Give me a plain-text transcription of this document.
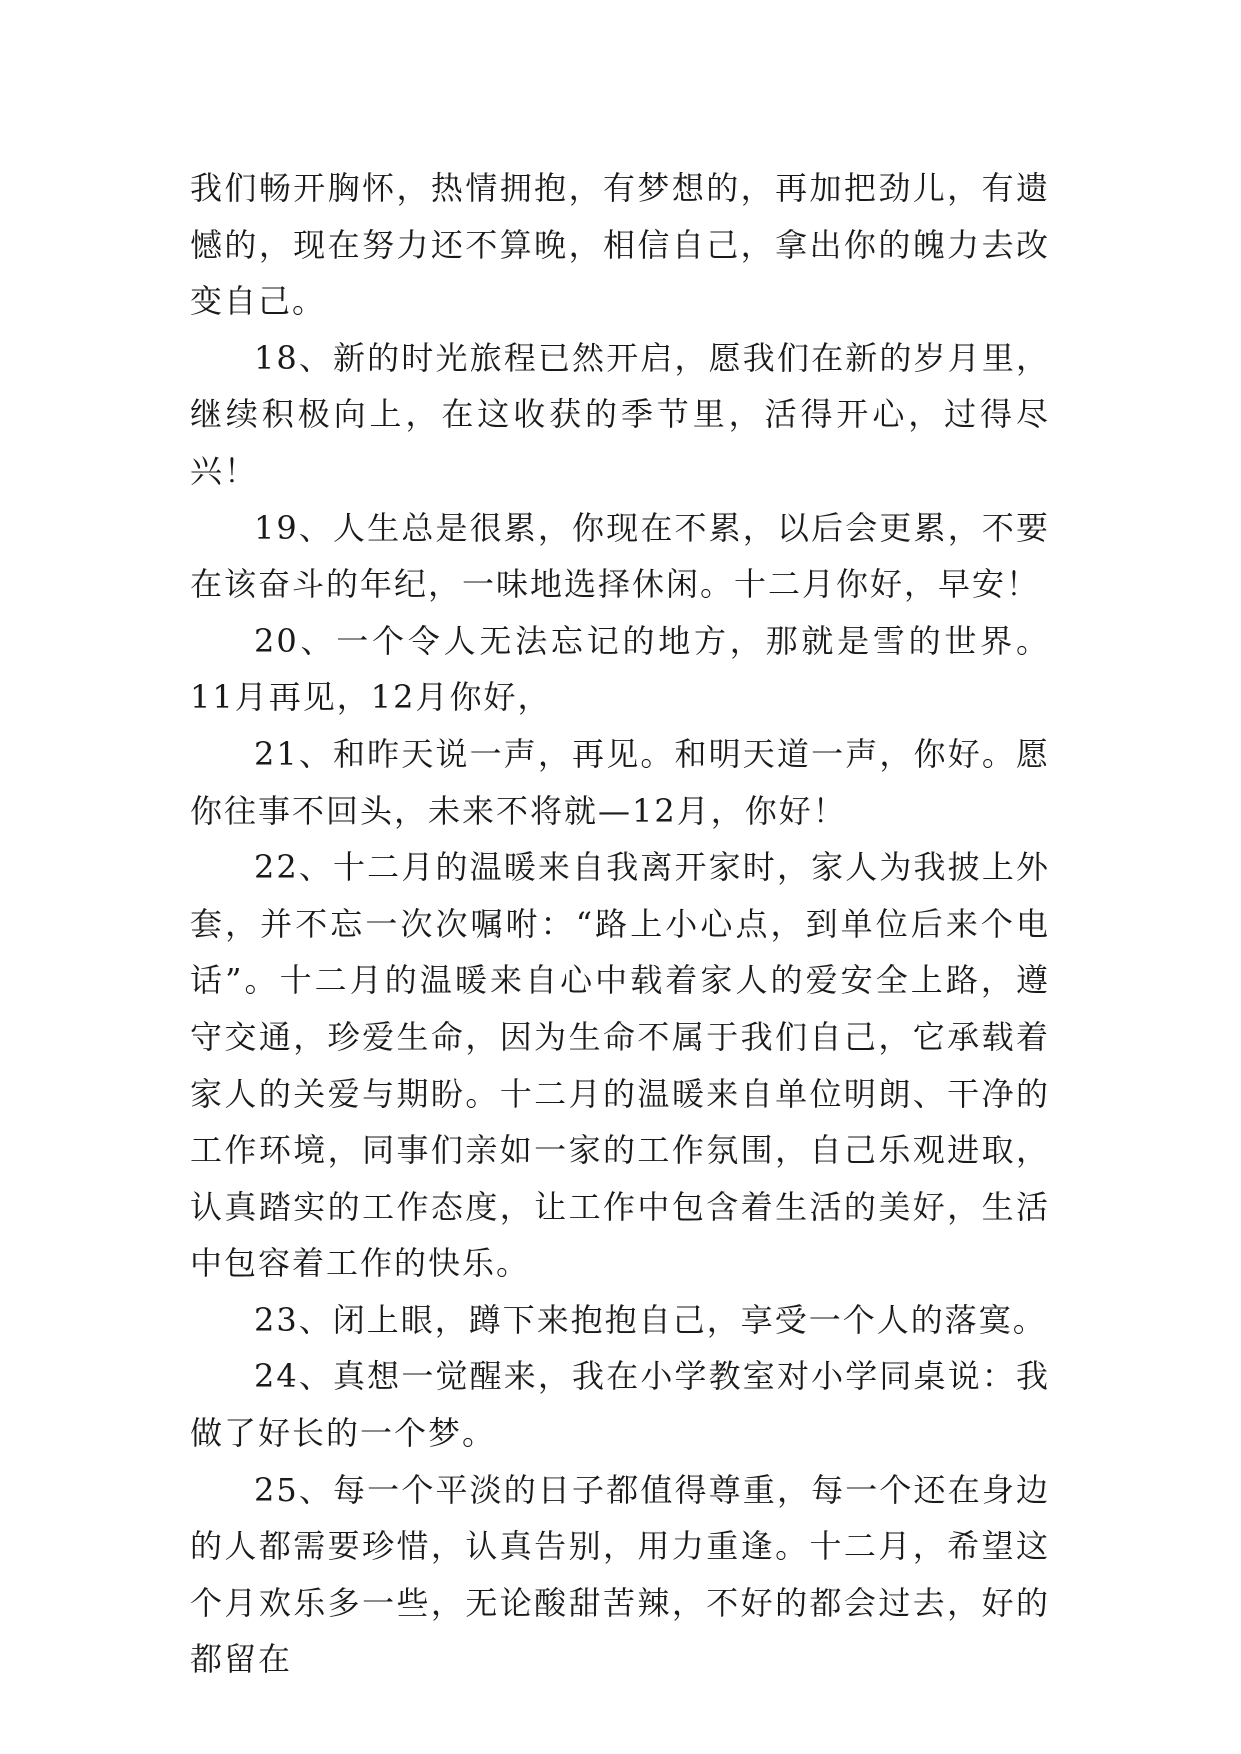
我们畅开胸怀，热情拥抱，有梦想的，再加把劲儿，有遗憾的，现在努力还不算晚，相信自己，拿出你的魄力去改变自己。

18、新的时光旅程已然开启，愿我们在新的岁月里，继续积极向上，在这收获的季节里，活得开心，过得尽兴！

19、人生总是很累，你现在不累，以后会更累，不要在该奋斗的年纪，一味地选择休闲。十二月你好，早安！

20、一个令人无法忘记的地方，那就是雪的世界。11月再见，12月你好，

21、和昨天说一声，再见。和明天道一声，你好。愿你往事不回头，未来不将就—12月，你好！

22、十二月的温暖来自我离开家时，家人为我披上外套，并不忘一次次嘱咐：“路上小心点，到单位后来个电话”。十二月的温暖来自心中载着家人的爱安全上路，遵守交通，珍爱生命，因为生命不属于我们自己，它承载着家人的关爱与期盼。十二月的温暖来自单位明朗、干净的工作环境，同事们亲如一家的工作氛围，自己乐观进取，认真踏实的工作态度，让工作中包含着生活的美好，生活中包容着工作的快乐。

23、闭上眼，蹲下来抱抱自己，享受一个人的落寞。

24、真想一觉醒来，我在小学教室对小学同桌说：我做了好长的一个梦。

25、每一个平淡的日子都值得尊重，每一个还在身边的人都需要珍惜，认真告别，用力重逢。十二月，希望这个月欢乐多一些，无论酸甜苦辣，不好的都会过去，好的都留在
